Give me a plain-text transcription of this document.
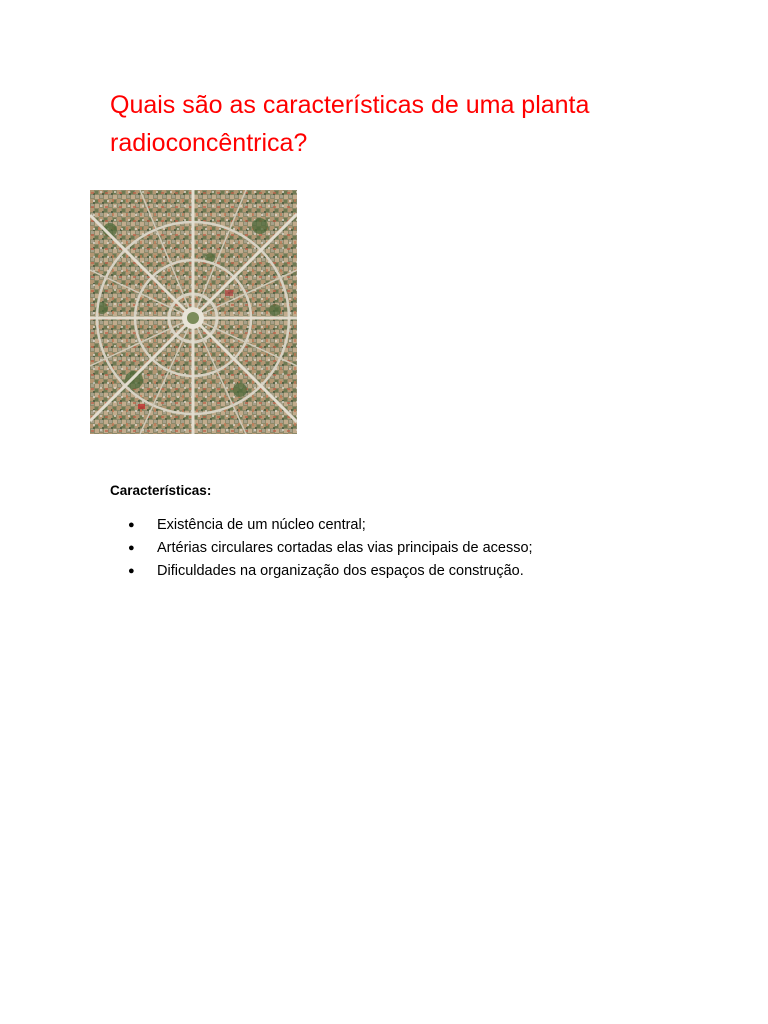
Quais são as características de uma planta
radioconcêntrica?
Características:
● Existência de um núcleo central;
● Artérias circulares cortadas elas vias principais de acesso;
● Dificuldades na organização dos espaços de construção.
